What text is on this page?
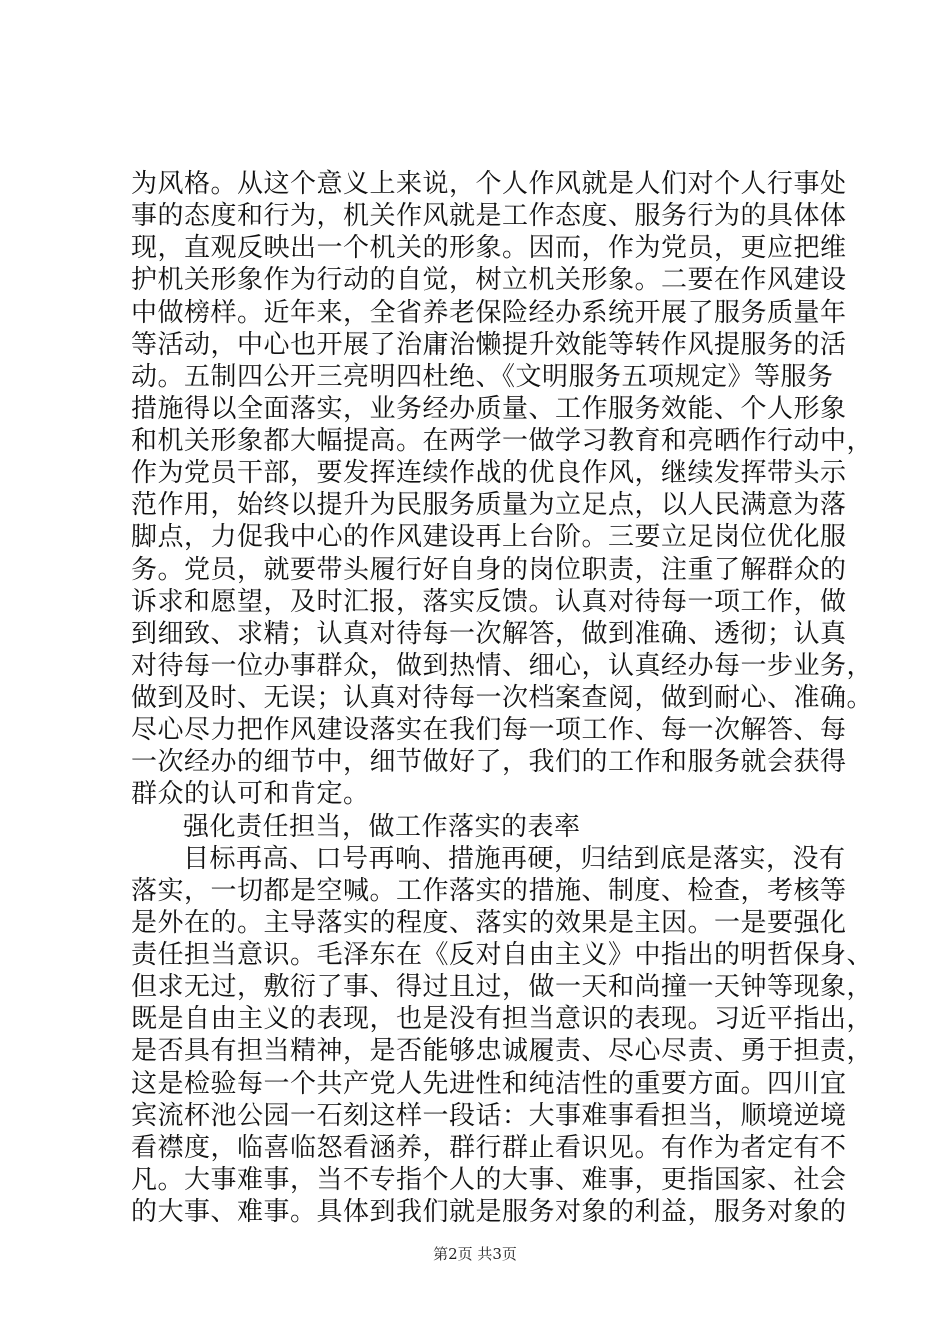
为风格。从这个意义上来说，个人作风就是人们对个人行事处
事的态度和行为，机关作风就是工作态度、服务行为的具体体
现，直观反映出一个机关的形象。因而，作为党员，更应把维
护机关形象作为行动的自觉，树立机关形象。二要在作风建设
中做榜样。近年来，全省养老保险经办系统开展了服务质量年
等活动，中心也开展了治庸治懒提升效能等转作风提服务的活
动。五制四公开三亮明四杜绝、《文明服务五项规定》等服务
措施得以全面落实，业务经办质量、工作服务效能、个人形象
和机关形象都大幅提高。在两学一做学习教育和亮晒作行动中，
作为党员干部，要发挥连续作战的优良作风，继续发挥带头示
范作用，始终以提升为民服务质量为立足点，以人民满意为落
脚点，力促我中心的作风建设再上台阶。三要立足岗位优化服
务。党员，就要带头履行好自身的岗位职责，注重了解群众的
诉求和愿望，及时汇报，落实反馈。认真对待每一项工作，做
到细致、求精；认真对待每一次解答，做到准确、透彻；认真
对待每一位办事群众，做到热情、细心，认真经办每一步业务，
做到及时、无误；认真对待每一次档案查阅，做到耐心、准确。
尽心尽力把作风建设落实在我们每一项工作、每一次解答、每
一次经办的细节中，细节做好了，我们的工作和服务就会获得
群众的认可和肯定。
强化责任担当，做工作落实的表率
目标再高、口号再响、措施再硬，归结到底是落实，没有
落实，一切都是空喊。工作落实的措施、制度、检查，考核等
是外在的。主导落实的程度、落实的效果是主因。一是要强化
责任担当意识。毛泽东在《反对自由主义》中指出的明哲保身、
但求无过，敷衍了事、得过且过，做一天和尚撞一天钟等现象，
既是自由主义的表现，也是没有担当意识的表现。习近平指出，
是否具有担当精神，是否能够忠诚履责、尽心尽责、勇于担责，
这是检验每一个共产党人先进性和纯洁性的重要方面。四川宜
宾流杯池公园一石刻这样一段话：大事难事看担当，顺境逆境
看襟度，临喜临怒看涵养，群行群止看识见。有作为者定有不
凡。大事难事，当不专指个人的大事、难事，更指国家、社会
的大事、难事。具体到我们就是服务对象的利益，服务对象的
第2页 共3页
